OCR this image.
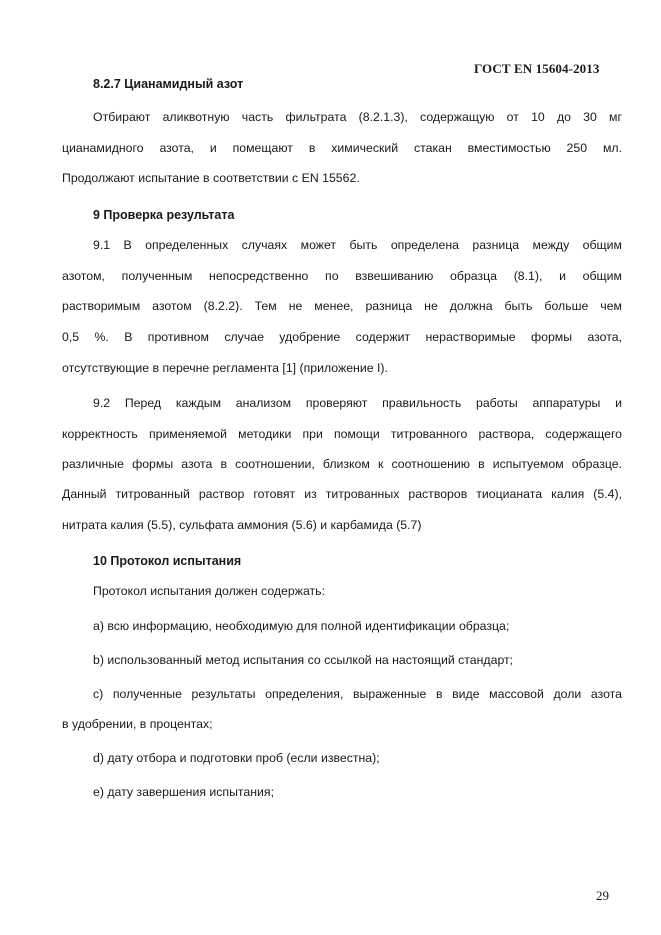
ГОСТ EN 15604-2013
8.2.7 Цианамидный азот
Отбирают аликвотную часть фильтрата (8.2.1.3), содержащую от 10 до 30 мг
цианамидного азота, и помещают в химический стакан вместимостью 250 мл.
Продолжают испытание в соответствии с EN 15562.
9 Проверка результата
9.1 В определенных случаях может быть определена разница между общим
азотом, полученным непосредственно по взвешиванию образца (8.1), и общим
растворимым азотом (8.2.2). Тем не менее, разница не должна быть больше чем
0,5 %. В противном случае удобрение содержит нерастворимые формы азота,
отсутствующие в перечне регламента [1] (приложение I).
9.2 Перед каждым анализом проверяют правильность работы аппаратуры и
корректность применяемой методики при помощи титрованного раствора, содержащего
различные формы азота в соотношении, близком к соотношению в испытуемом образце.
Данный титрованный раствор готовят из титрованных растворов тиоцианата калия (5.4),
нитрата калия (5.5), сульфата аммония (5.6) и карбамида (5.7)
10 Протокол испытания
Протокол испытания должен содержать:
а) всю информацию, необходимую для полной идентификации образца;
b) использованный метод испытания со ссылкой на настоящий стандарт;
c) полученные результаты определения, выраженные в виде массовой доли азота
в удобрении, в процентах;
d) дату отбора и подготовки проб (если известна);
е) дату завершения испытания;
29
